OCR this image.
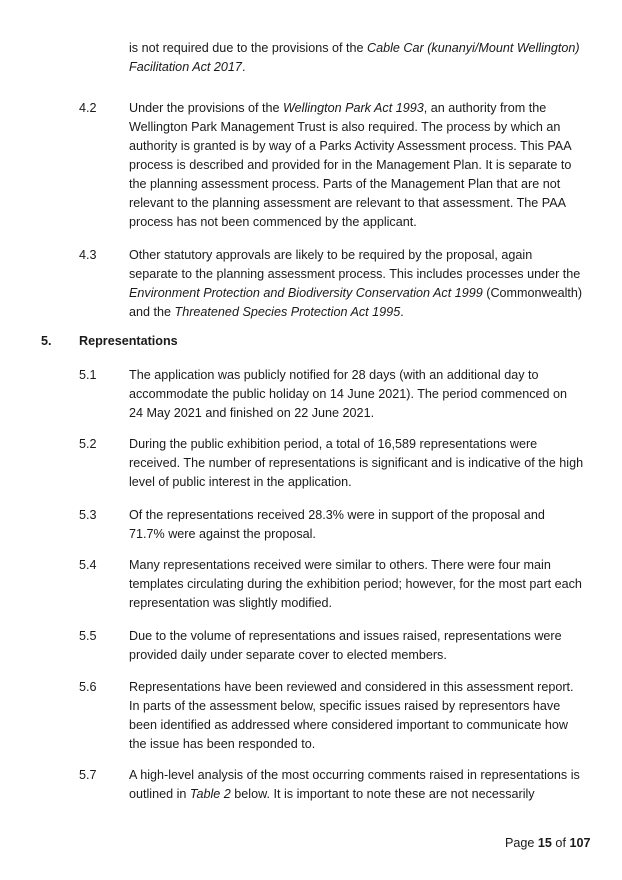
is not required due to the provisions of the Cable Car (kunanyi/Mount Wellington) Facilitation Act 2017.
4.2	Under the provisions of the Wellington Park Act 1993, an authority from the Wellington Park Management Trust is also required. The process by which an authority is granted is by way of a Parks Activity Assessment process. This PAA process is described and provided for in the Management Plan. It is separate to the planning assessment process. Parts of the Management Plan that are not relevant to the planning assessment are relevant to that assessment. The PAA process has not been commenced by the applicant.
4.3	Other statutory approvals are likely to be required by the proposal, again separate to the planning assessment process. This includes processes under the Environment Protection and Biodiversity Conservation Act 1999 (Commonwealth) and the Threatened Species Protection Act 1995.
5. Representations
5.1	The application was publicly notified for 28 days (with an additional day to accommodate the public holiday on 14 June 2021). The period commenced on 24 May 2021 and finished on 22 June 2021.
5.2	During the public exhibition period, a total of 16,589 representations were received. The number of representations is significant and is indicative of the high level of public interest in the application.
5.3	Of the representations received 28.3% were in support of the proposal and 71.7% were against the proposal.
5.4	Many representations received were similar to others. There were four main templates circulating during the exhibition period; however, for the most part each representation was slightly modified.
5.5	Due to the volume of representations and issues raised, representations were provided daily under separate cover to elected members.
5.6	Representations have been reviewed and considered in this assessment report. In parts of the assessment below, specific issues raised by representors have been identified as addressed where considered important to communicate how the issue has been responded to.
5.7	A high-level analysis of the most occurring comments raised in representations is outlined in Table 2 below. It is important to note these are not necessarily
Page 15 of 107
